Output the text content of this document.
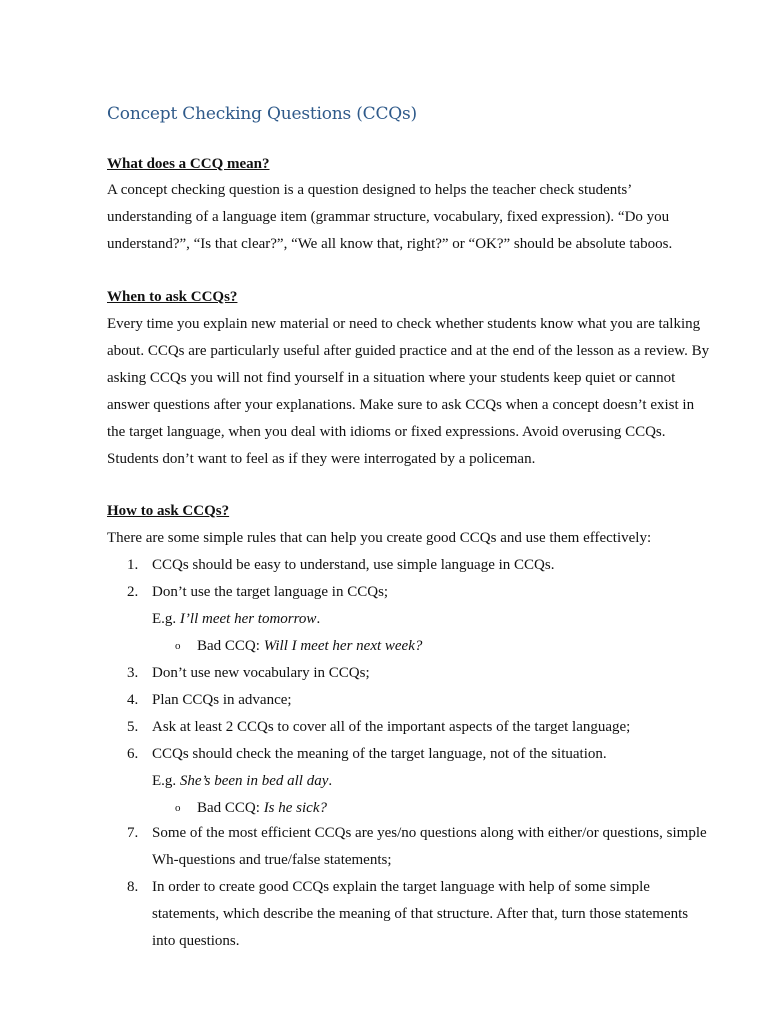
Concept Checking Questions (CCQs)
What does a CCQ mean?
A concept checking question is a question designed to helps the teacher check students’
understanding of a language item (grammar structure, vocabulary, fixed expression). “Do you
understand?”, “Is that clear?”, “We all know that, right?” or “OK?” should be absolute taboos.
When to ask CCQs?
Every time you explain new material or need to check whether students know what you are talking
about. CCQs are particularly useful after guided practice and at the end of the lesson as a review. By
asking CCQs you will not find yourself in a situation where your students keep quiet or cannot
answer questions after your explanations. Make sure to ask CCQs when a concept doesn’t exist in
the target language, when you deal with idioms or fixed expressions. Avoid overusing CCQs.
Students don’t want to feel as if they were interrogated by a policeman.
How to ask CCQs?
There are some simple rules that can help you create good CCQs and use them effectively:
1. CCQs should be easy to understand, use simple language in CCQs.
2. Don’t use the target language in CCQs;
E.g. I’ll meet her tomorrow.
o Bad CCQ: Will I meet her next week?
3. Don’t use new vocabulary in CCQs;
4. Plan CCQs in advance;
5. Ask at least 2 CCQs to cover all of the important aspects of the target language;
6. CCQs should check the meaning of the target language, not of the situation.
E.g. She’s been in bed all day.
o Bad CCQ: Is he sick?
7. Some of the most efficient CCQs are yes/no questions along with either/or questions, simple
Wh-questions and true/false statements;
8. In order to create good CCQs explain the target language with help of some simple
statements, which describe the meaning of that structure. After that, turn those statements
into questions.
